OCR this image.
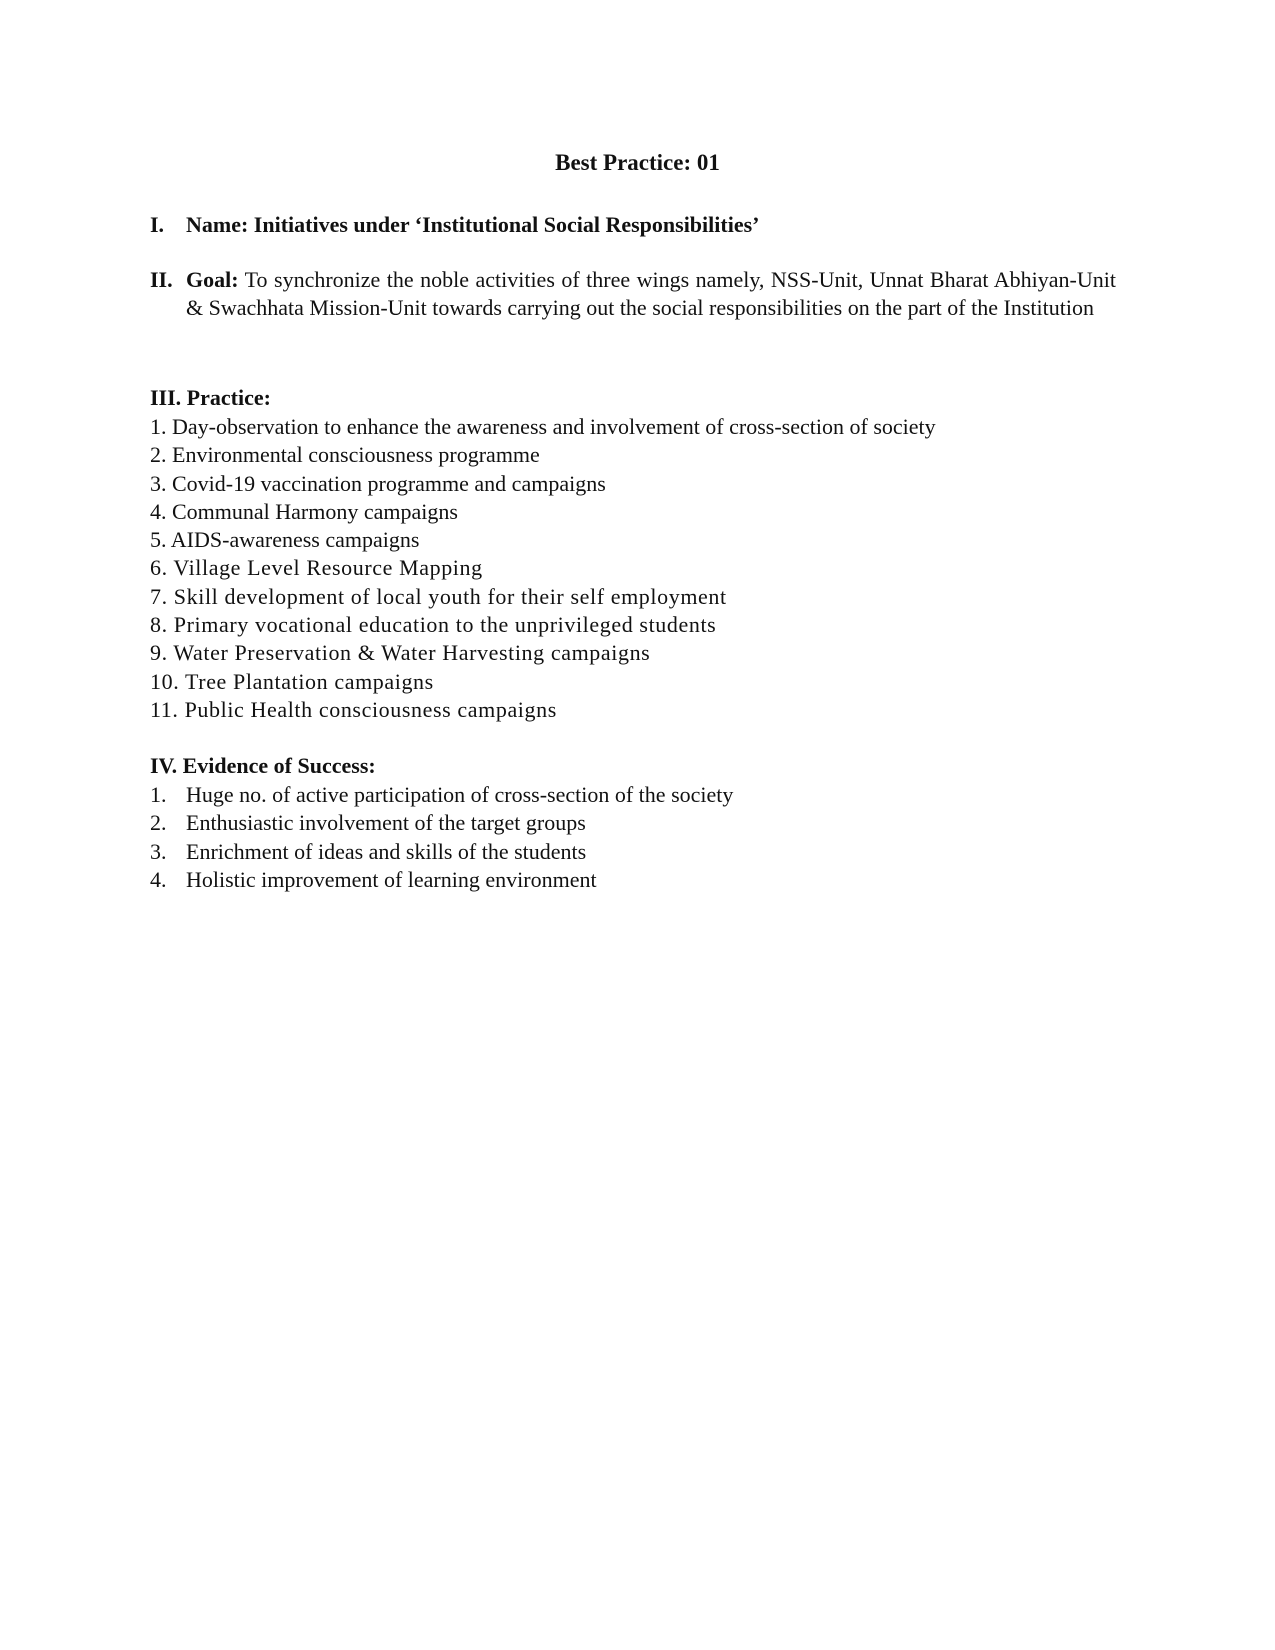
Best Practice: 01
I. Name: Initiatives under ‘Institutional Social Responsibilities’
II. Goal: To synchronize the noble activities of three wings namely, NSS-Unit, Unnat Bharat Abhiyan-Unit & Swachhata Mission-Unit towards carrying out the social responsibilities on the part of the Institution
III. Practice:
1. Day-observation to enhance the awareness and involvement of cross-section of society
2. Environmental consciousness programme
3. Covid-19 vaccination programme and campaigns
4. Communal Harmony campaigns
5. AIDS-awareness campaigns
6. Village Level Resource Mapping
7. Skill development of local youth for their self employment
8. Primary vocational education to the unprivileged students
9. Water Preservation & Water Harvesting campaigns
10. Tree Plantation campaigns
11. Public Health consciousness campaigns
IV. Evidence of Success:
1. Huge no. of active participation of cross-section of the society
2. Enthusiastic involvement of the target groups
3. Enrichment of ideas and skills of the students
4. Holistic improvement of learning environment
